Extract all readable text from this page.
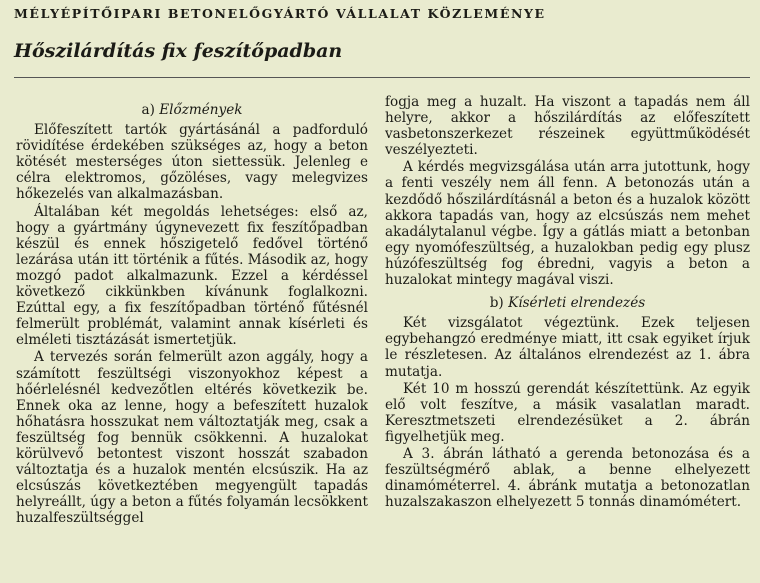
MÉLYÉPÍTŐIPARI BETONELŐGYÁRTÓ VÁLLALAT KÖZLEMÉNYE
Hőszilárdítás fix feszítőpadban

a) Előzmények

Előfeszített tartók gyártásánál a padforduló rövidítése érdekében szükséges az, hogy a beton kötését mesterséges úton siettessük. Jelenleg e célra elektromos, gőzöléses, vagy melegvizes hőkezelés van alkalmazásban.

Általában két megoldás lehetséges: első az, hogy a gyártmány úgynevezett fix feszítőpadban készül és ennek hőszigetelő fedővel történő lezárása után itt történik a fűtés. Második az, hogy mozgó padot alkalmazunk. Ezzel a kérdéssel következő cikkünkben kívánunk foglalkozni. Ezúttal egy, a fix feszítőpadban történő fűtésnél felmerült problémát, valamint annak kísérleti és elméleti tisztázását ismertetjük.

A tervezés során felmerült azon aggály, hogy a számított feszültségi viszonyokhoz képest a hőérlelésnél kedvezőtlen eltérés következik be. Ennek oka az lenne, hogy a befeszített huzalok hőhatásra hosszukat nem változtatják meg, csak a feszültség fog bennük csökkenni. A huzalokat körülvevő betontest viszont hosszát szabadon változtatja és a huzalok mentén elcsúszik. Ha az elcsúszás következtében megyengült tapadás helyreállt, úgy a beton a fűtés folyamán lecsökkent huzalfeszültséggel

fogja meg a huzalt. Ha viszont a tapadás nem áll helyre, akkor a hőszilárdítás az előfeszített vasbetonszerkezet részeinek együttműködését veszélyezteti.

A kérdés megvizsgálása után arra jutottunk, hogy a fenti veszély nem áll fenn. A betonozás után a kezdődő hőszilárdításnál a beton és a huzalok között akkora tapadás van, hogy az elcsúszás nem mehet akadálytalanul végbe. Így a gátlás miatt a betonban egy nyomófeszültség, a huzalokban pedig egy plusz húzófeszültség fog ébredni, vagyis a beton a huzalokat mintegy magával viszi.

b) Kísérleti elrendezés

Két vizsgálatot végeztünk. Ezek teljesen egybehangzó eredménye miatt, itt csak egyiket írjuk le részletesen. Az általános elrendezést az 1. ábra mutatja.

Két 10 m hosszú gerendát készítettünk. Az egyik elő volt feszítve, a másik vasalatlan maradt. Keresztmetszeti elrendezésüket a 2. ábrán figyelhetjük meg.

A 3. ábrán látható a gerenda betonozása és a feszültségmérő ablak, a benne elhelyezett dinamóméterrel. 4. ábránk mutatja a betonozatlan huzalszakaszon elhelyezett 5 tonnás dinamómétert.
